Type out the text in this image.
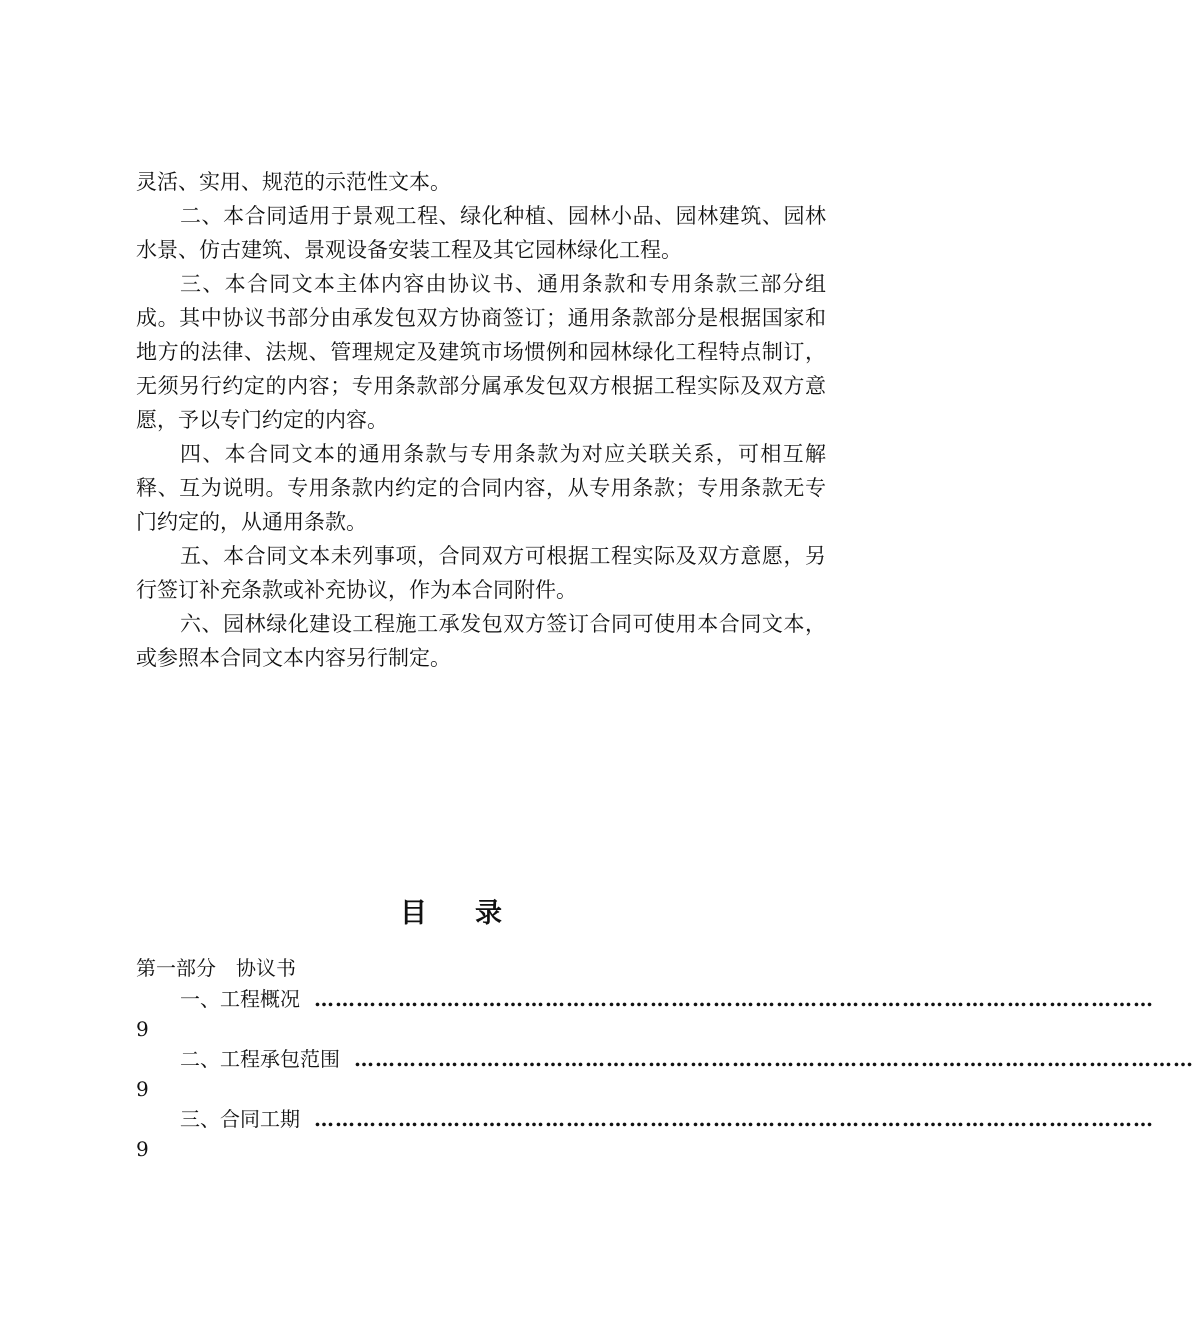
灵活、实用、规范的示范性文本。

二、本合同适用于景观工程、绿化种植、园林小品、园林建筑、园林水景、仿古建筑、景观设备安装工程及其它园林绿化工程。

三、本合同文本主体内容由协议书、通用条款和专用条款三部分组成。其中协议书部分由承发包双方协商签订；通用条款部分是根据国家和地方的法律、法规、管理规定及建筑市场惯例和园林绿化工程特点制订，无须另行约定的内容；专用条款部分属承发包双方根据工程实际及双方意愿，予以专门约定的内容。

四、本合同文本的通用条款与专用条款为对应关联关系，可相互解释、互为说明。专用条款内约定的合同内容，从专用条款；专用条款无专门约定的，从通用条款。

五、本合同文本未列事项，合同双方可根据工程实际及双方意愿，另行签订补充条款或补充协议，作为本合同附件。

六、园林绿化建设工程施工承发包双方签订合同可使用本合同文本，或参照本合同文本内容另行制定。

目录
第一部分 协议书
一、工程概况 …………………………………………………………………………………………………………
9
二、工程承包范围 …………………………………………………………………………………………………………
9
三、合同工期 …………………………………………………………………………………………………………
9
